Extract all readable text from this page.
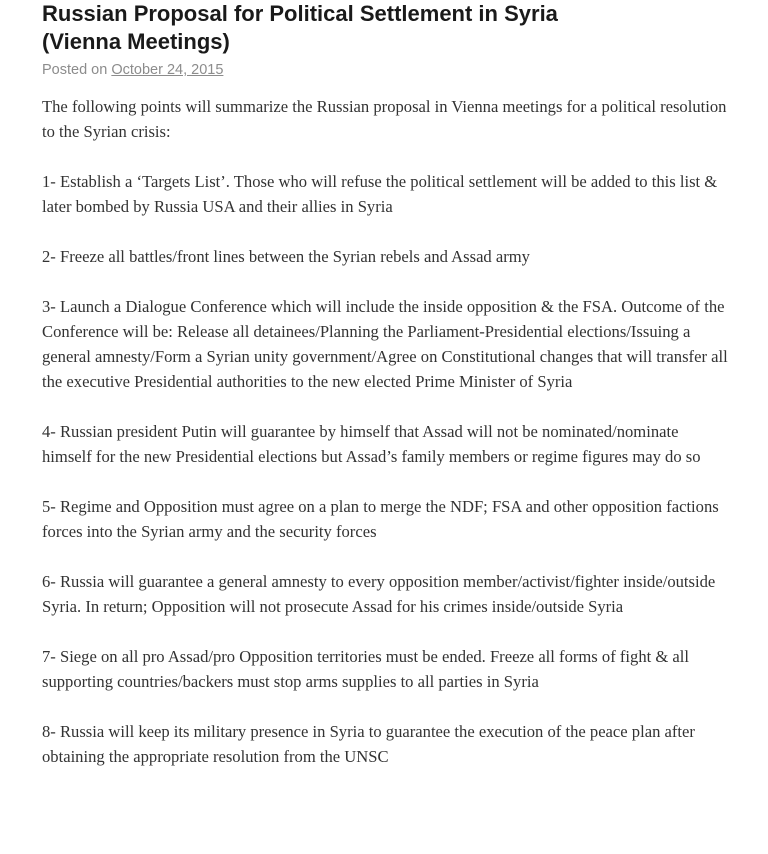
Russian Proposal for Political Settlement in Syria
(Vienna Meetings)
Posted on October 24, 2015

The following points will summarize the Russian proposal in Vienna meetings for a political resolution to the Syrian crisis:

1- Establish a ‘Targets List’. Those who will refuse the political settlement will be added to this list & later bombed by Russia USA and their allies in Syria

2- Freeze all battles/front lines between the Syrian rebels and Assad army

3- Launch a Dialogue Conference which will include the inside opposition & the FSA. Outcome of the Conference will be: Release all detainees/Planning the Parliament-Presidential elections/Issuing a general amnesty/Form a Syrian unity government/Agree on Constitutional changes that will transfer all the executive Presidential authorities to the new elected Prime Minister of Syria

4- Russian president Putin will guarantee by himself that Assad will not be nominated/nominate himself for the new Presidential elections but Assad’s family members or regime figures may do so

5- Regime and Opposition must agree on a plan to merge the NDF; FSA and other opposition factions forces into the Syrian army and the security forces

6- Russia will guarantee a general amnesty to every opposition member/activist/fighter inside/outside Syria. In return; Opposition will not prosecute Assad for his crimes inside/outside Syria

7- Siege on all pro Assad/pro Opposition territories must be ended. Freeze all forms of fight & all supporting countries/backers must stop arms supplies to all parties in Syria

8- Russia will keep its military presence in Syria to guarantee the execution of the peace plan after obtaining the appropriate resolution from the UNSC
